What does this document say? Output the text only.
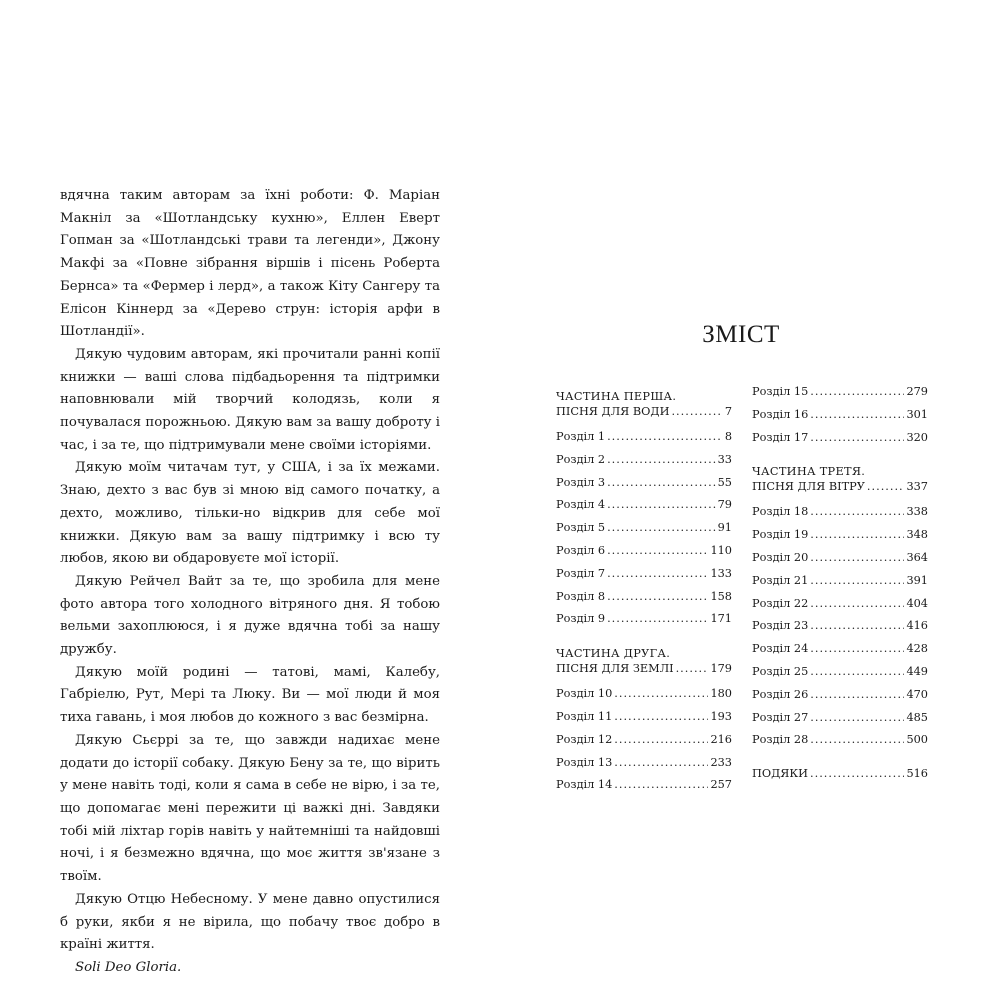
вдячна таким авторам за їхні роботи: Ф. Маріан Макніл за «Шотландську кухню», Еллен Еверт Гопман за «Шотландські трави та легенди», Джону Макфі за «Повне зібрання віршів і пісень Роберта Бернса» та «Фермер і лерд», а також Кіту Сангеру та Елісон Кіннерд за «Дерево струн: історія арфи в Шотландії».

Дякую чудовим авторам, які прочитали ранні копії книжки — ваші слова підбадьорення та підтримки наповнювали мій творчий колодязь, коли я почувалася порожньою. Дякую вам за вашу доброту і час, і за те, що підтримували мене своїми історіями.

Дякую моїм читачам тут, у США, і за їх межами. Знаю, дехто з вас був зі мною від самого початку, а дехто, можливо, тільки-но відкрив для себе мої книжки. Дякую вам за вашу підтримку і всю ту любов, якою ви обдаровуєте мої історії.

Дякую Рейчел Вайт за те, що зробила для мене фото автора того холодного вітряного дня. Я тобою вельми захоплююся, і я дуже вдячна тобі за нашу дружбу.

Дякую моїй родині — татові, мамі, Калебу, Габріелю, Рут, Мері та Люку. Ви — мої люди й моя тиха гавань, і моя любов до кожного з вас безмірна.

Дякую Сьєррі за те, що завжди надихає мене додати до історії собаку. Дякую Бену за те, що вірить у мене навіть тоді, коли я сама в себе не вірю, і за те, що допомагає мені пережити ці важкі дні. Завдяки тобі мій ліхтар горів навіть у найтемніші та найдовші ночі, і я безмежно вдячна, що моє життя зв'язане з твоїм.

Дякую Отцю Небесному. У мене давно опустилися б руки, якби я не вірила, що побачу твоє добро в країні життя.

Soli Deo Gloria.

ЗМІСТ
ЧАСТИНА ПЕРША.
ПІСНЯ ДЛЯ ВОДИ .....	7
Розділ 1 .....	8
Розділ 2 .....	33
Розділ 3 .....	55
Розділ 4 .....	79
Розділ 5 .....	91
Розділ 6 .....	110
Розділ 7 .....	133
Розділ 8 .....	158
Розділ 9 .....	171
ЧАСТИНА ДРУГА.
ПІСНЯ ДЛЯ ЗЕМЛІ .....	179
Розділ 10 .....	180
Розділ 11 .....	193
Розділ 12 .....	216
Розділ 13 .....	233
Розділ 14 .....	257
Розділ 15 .....	279
Розділ 16 .....	301
Розділ 17 .....	320
ЧАСТИНА ТРЕТЯ.
ПІСНЯ ДЛЯ ВІТРУ .....	337
Розділ 18 .....	338
Розділ 19 .....	348
Розділ 20 .....	364
Розділ 21 .....	391
Розділ 22 .....	404
Розділ 23 .....	416
Розділ 24 .....	428
Розділ 25 .....	449
Розділ 26 .....	470
Розділ 27 .....	485
Розділ 28 .....	500
ПОДЯКИ .....	516
